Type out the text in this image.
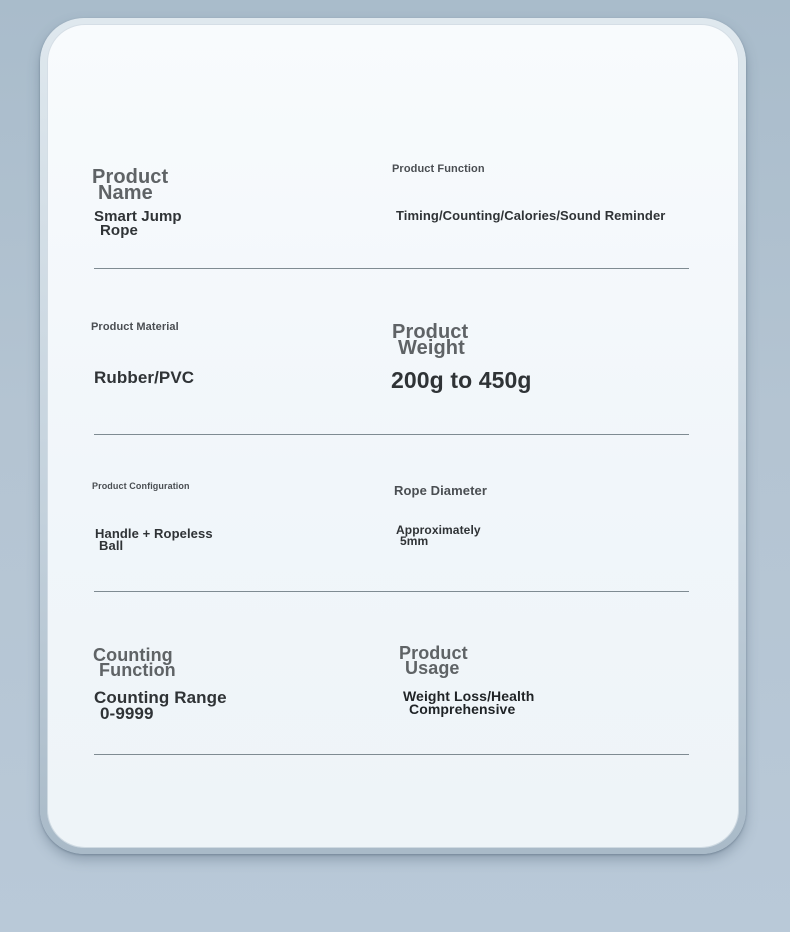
Product
Name
Smart Jump
Rope
Product Function
Timing/Counting/Calories/Sound Reminder
Product Material
Rubber/PVC
Product
Weight
200g to 450g
Product Configuration
Handle + Ropeless
Ball
Rope Diameter
Approximately
5mm
Counting
Function
Counting Range
0-9999
Product
Usage
Weight Loss/Health
Comprehensive
